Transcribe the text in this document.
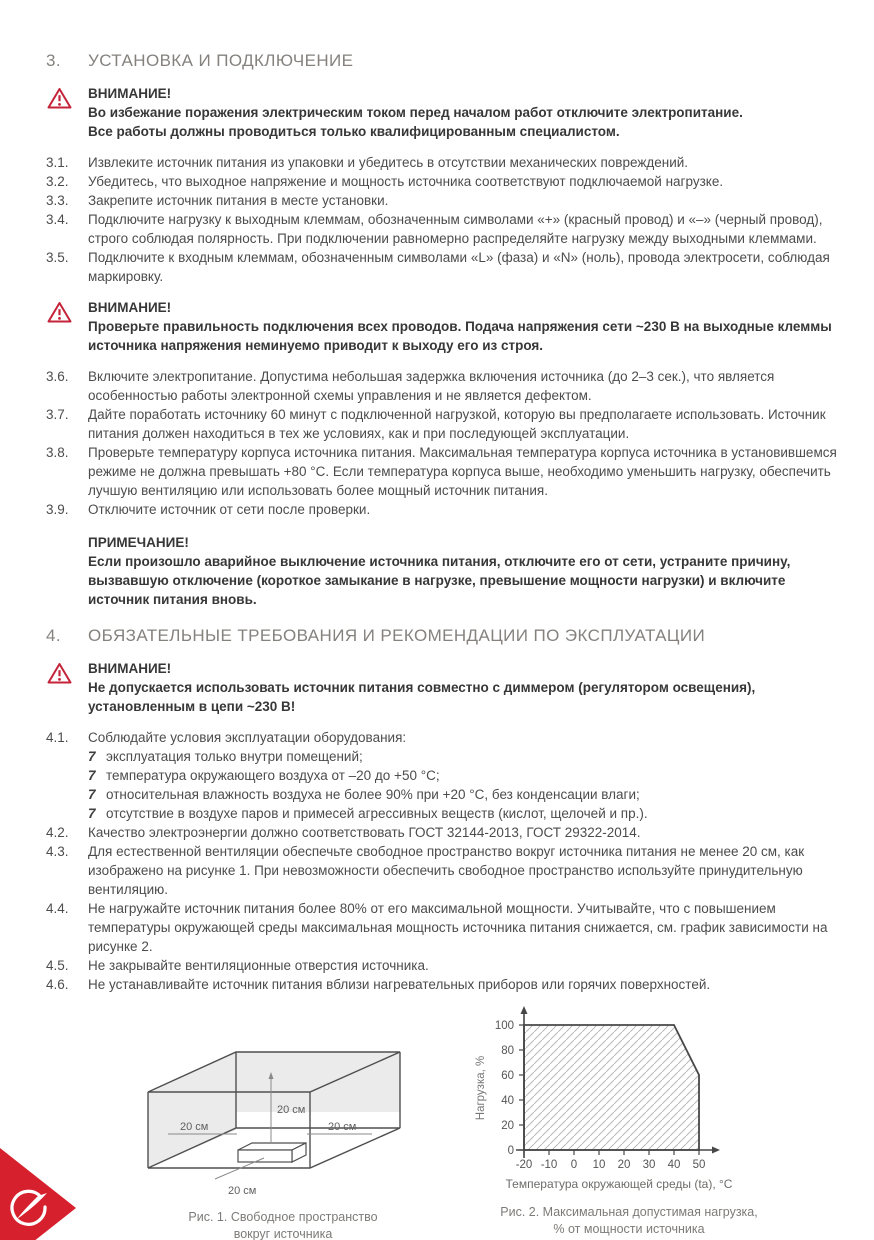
3.	УСТАНОВКА И ПОДКЛЮЧЕНИЕ
ВНИМАНИЕ!
Во избежание поражения электрическим током перед началом работ отключите электропитание.
Все работы должны проводиться только квалифицированным специалистом.
3.1.	Извлеките источник питания из упаковки и убедитесь в отсутствии механических повреждений.
3.2.	Убедитесь, что выходное напряжение и мощность источника соответствуют подключаемой нагрузке.
3.3.	Закрепите источник питания в месте установки.
3.4.	Подключите нагрузку к выходным клеммам, обозначенным символами «+» (красный провод) и «–» (черный провод), строго соблюдая полярность. При подключении равномерно распределяйте нагрузку между выходными клеммами.
3.5.	Подключите к входным клеммам, обозначенным символами «L» (фаза) и «N» (ноль), провода электросети, соблюдая маркировку.
ВНИМАНИЕ!
Проверьте правильность подключения всех проводов. Подача напряжения сети ~230 В на выходные клеммы источника напряжения неминуемо приводит к выходу его из строя.
3.6.	Включите электропитание. Допустима небольшая задержка включения источника (до 2–3 сек.), что является особенностью работы электронной схемы управления и не является дефектом.
3.7.	Дайте поработать источнику 60 минут с подключенной нагрузкой, которую вы предполагаете использовать. Источник питания должен находиться в тех же условиях, как и при последующей эксплуатации.
3.8.	Проверьте температуру корпуса источника питания. Максимальная температура корпуса источника в установившемся режиме не должна превышать +80 °C. Если температура корпуса выше, необходимо уменьшить нагрузку, обеспечить лучшую вентиляцию или использовать более мощный источник питания.
3.9.	Отключите источник от сети после проверки.
ПРИМЕЧАНИЕ!
Если произошло аварийное выключение источника питания, отключите его от сети, устраните причину, вызвавшую отключение (короткое замыкание в нагрузке, превышение мощности нагрузки) и включите источник питания вновь.
4.	ОБЯЗАТЕЛЬНЫЕ ТРЕБОВАНИЯ И РЕКОМЕНДАЦИИ ПО ЭКСПЛУАТАЦИИ
ВНИМАНИЕ!
Не допускается использовать источник питания совместно с диммером (регулятором освещения), установленным в цепи ~230 В!
4.1.	Соблюдайте условия эксплуатации оборудования:
7 эксплуатация только внутри помещений;
7 температура окружающего воздуха от –20 до +50 °C;
7 относительная влажность воздуха не более 90% при +20 °C, без конденсации влаги;
7 отсутствие в воздухе паров и примесей агрессивных веществ (кислот, щелочей и пр.).
4.2.	Качество электроэнергии должно соответствовать ГОСТ 32144-2013, ГОСТ 29322-2014.
4.3.	Для естественной вентиляции обеспечьте свободное пространство вокруг источника питания не менее 20 см, как изображено на рисунке 1. При невозможности обеспечить свободное пространство используйте принудительную вентиляцию.
4.4.	Не нагружайте источник питания более 80% от его максимальной мощности. Учитывайте, что с повышением температуры окружающей среды максимальная мощность источника питания снижается, см. график зависимости на рисунке 2.
4.5.	Не закрывайте вентиляционные отверстия источника.
4.6.	Не устанавливайте источник питания вблизи нагревательных приборов или горячих поверхностей.
20 см
20 см	20 см
20 см
Рис. 1. Свободное пространство
вокруг источника
-20 -10 0 10 20 30 40 50
0
20
40
60
80
100
Нагрузка, %
Температура окружающей среды (ta), °C
Рис. 2. Максимальная допустимая нагрузка,
% от мощности источника
